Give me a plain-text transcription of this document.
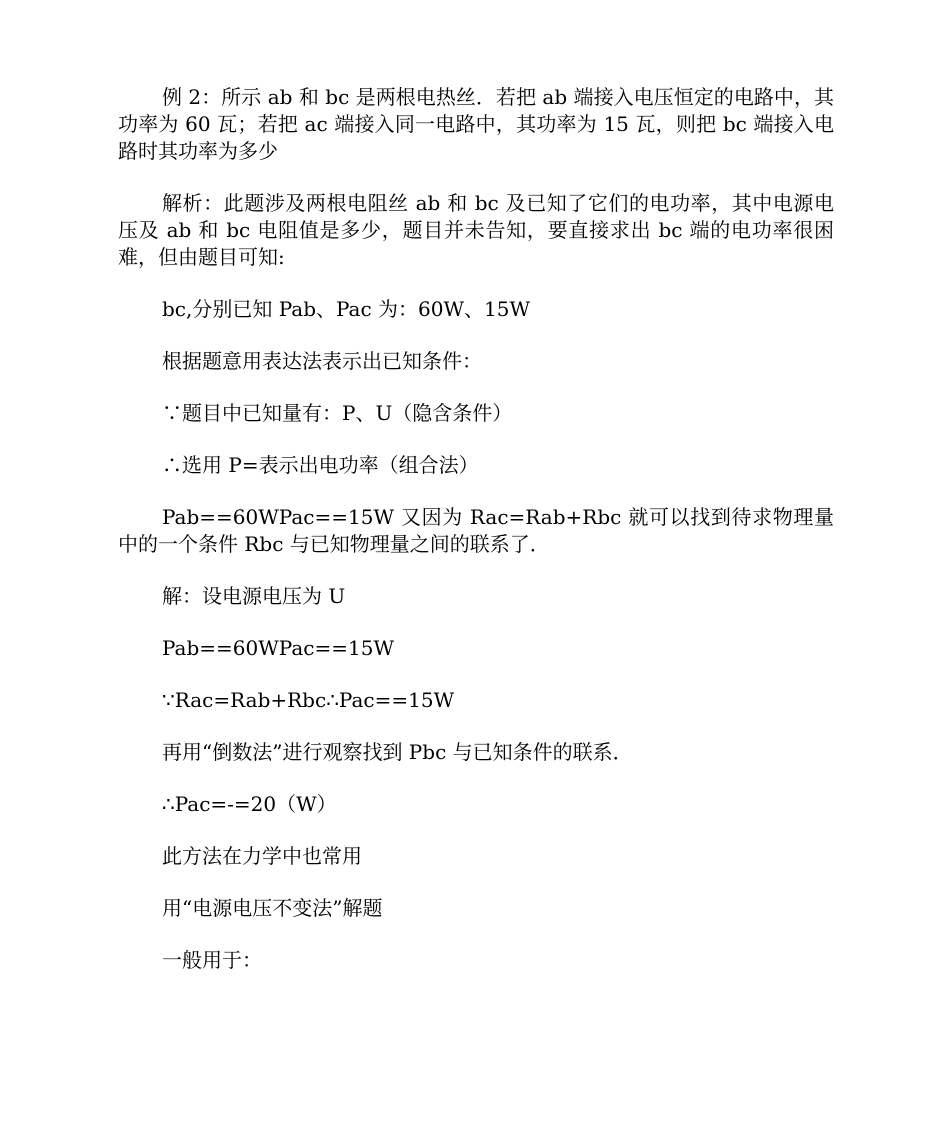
例 2：所示 ab 和 bc 是两根电热丝．若把 ab 端接入电压恒定的电路中，其功率为 60 瓦；若把 ac 端接入同一电路中，其功率为 15 瓦，则把 bc 端接入电路时其功率为多少

解析：此题涉及两根电阻丝 ab 和 bc 及已知了它们的电功率，其中电源电压及 ab 和 bc 电阻值是多少，题目并未告知，要直接求出 bc 端的电功率很困难，但由题目可知:

bc,分别已知 Pab、Pac 为：60W、15W

根据题意用表达法表示出已知条件：

∵题目中已知量有：P、U（隐含条件）

∴选用 P=表示出电功率（组合法）

Pab==60WPac==15W 又因为 Rac=Rab+Rbc 就可以找到待求物理量中的一个条件 Rbc 与已知物理量之间的联系了．

解：设电源电压为 U

Pab==60WPac==15W

∵Rac=Rab+Rbc∴Pac==15W

再用“倒数法”进行观察找到 Pbc 与已知条件的联系．

∴Pac=-=20（W）

此方法在力学中也常用

用“电源电压不变法”解题

一般用于：
